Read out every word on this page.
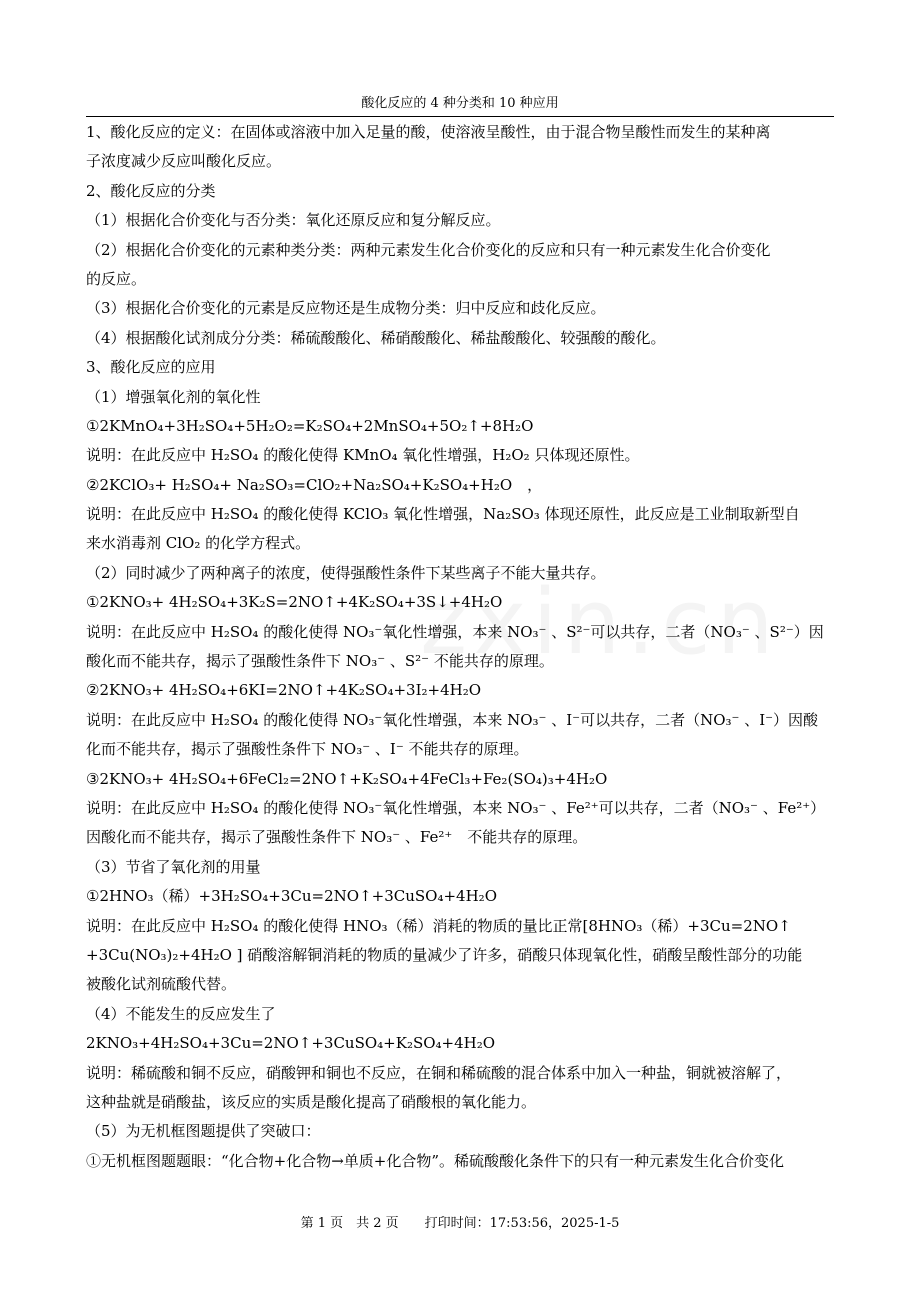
酸化反应的 4 种分类和 10 种应用
1、酸化反应的定义：在固体或溶液中加入足量的酸，使溶液呈酸性，由于混合物呈酸性而发生的某种离
子浓度减少反应叫酸化反应。
2、酸化反应的分类
（1）根据化合价变化与否分类：氧化还原反应和复分解反应。
（2）根据化合价变化的元素种类分类：两种元素发生化合价变化的反应和只有一种元素发生化合价变化
的反应。
（3）根据化合价变化的元素是反应物还是生成物分类：归中反应和歧化反应。
（4）根据酸化试剂成分分类：稀硫酸酸化、稀硝酸酸化、稀盐酸酸化、较强酸的酸化。
3、酸化反应的应用
（1）增强氧化剂的氧化性
①2KMnO₄+3H₂SO₄+5H₂O₂=K₂SO₄+2MnSO₄+5O₂↑+8H₂O
说明：在此反应中 H₂SO₄ 的酸化使得 KMnO₄ 氧化性增强，H₂O₂ 只体现还原性。
②2KClO₃+ H₂SO₄+ Na₂SO₃=ClO₂+Na₂SO₄+K₂SO₄+H₂O　，
说明：在此反应中 H₂SO₄ 的酸化使得 KClO₃ 氧化性增强，Na₂SO₃ 体现还原性，此反应是工业制取新型自
来水消毒剂 ClO₂ 的化学方程式。
（2）同时减少了两种离子的浓度，使得强酸性条件下某些离子不能大量共存。
①2KNO₃+ 4H₂SO₄+3K₂S=2NO↑+4K₂SO₄+3S↓+4H₂O
说明：在此反应中 H₂SO₄ 的酸化使得 NO₃⁻氧化性增强，本来 NO₃⁻ 、S²⁻可以共存，二者（NO₃⁻ 、S²⁻）因
酸化而不能共存，揭示了强酸性条件下 NO₃⁻ 、S²⁻ 不能共存的原理。
②2KNO₃+ 4H₂SO₄+6KI=2NO↑+4K₂SO₄+3I₂+4H₂O
说明：在此反应中 H₂SO₄ 的酸化使得 NO₃⁻氧化性增强，本来 NO₃⁻ 、I⁻可以共存，二者（NO₃⁻ 、I⁻）因酸
化而不能共存，揭示了强酸性条件下 NO₃⁻ 、I⁻ 不能共存的原理。
③2KNO₃+ 4H₂SO₄+6FeCl₂=2NO↑+K₂SO₄+4FeCl₃+Fe₂(SO₄)₃+4H₂O
说明：在此反应中 H₂SO₄ 的酸化使得 NO₃⁻氧化性增强，本来 NO₃⁻ 、Fe²⁺可以共存，二者（NO₃⁻ 、Fe²⁺）
因酸化而不能共存，揭示了强酸性条件下 NO₃⁻ 、Fe²⁺　不能共存的原理。
（3）节省了氧化剂的用量
①2HNO₃（稀）+3H₂SO₄+3Cu=2NO↑+3CuSO₄+4H₂O
说明：在此反应中 H₂SO₄ 的酸化使得 HNO₃（稀）消耗的物质的量比正常[8HNO₃（稀）+3Cu=2NO↑
+3Cu(NO₃)₂+4H₂O ] 硝酸溶解铜消耗的物质的量减少了许多，硝酸只体现氧化性，硝酸呈酸性部分的功能
被酸化试剂硫酸代替。
（4）不能发生的反应发生了
2KNO₃+4H₂SO₄+3Cu=2NO↑+3CuSO₄+K₂SO₄+4H₂O
说明：稀硫酸和铜不反应，硝酸钾和铜也不反应，在铜和稀硫酸的混合体系中加入一种盐，铜就被溶解了，
这种盐就是硝酸盐，该反应的实质是酸化提高了硝酸根的氧化能力。
（5）为无机框图题提供了突破口：
①无机框图题题眼：“化合物+化合物→单质+化合物”。稀硫酸酸化条件下的只有一种元素发生化合价变化
第 1 页　共 2 页　　打印时间：17:53:56，2025-1-5
